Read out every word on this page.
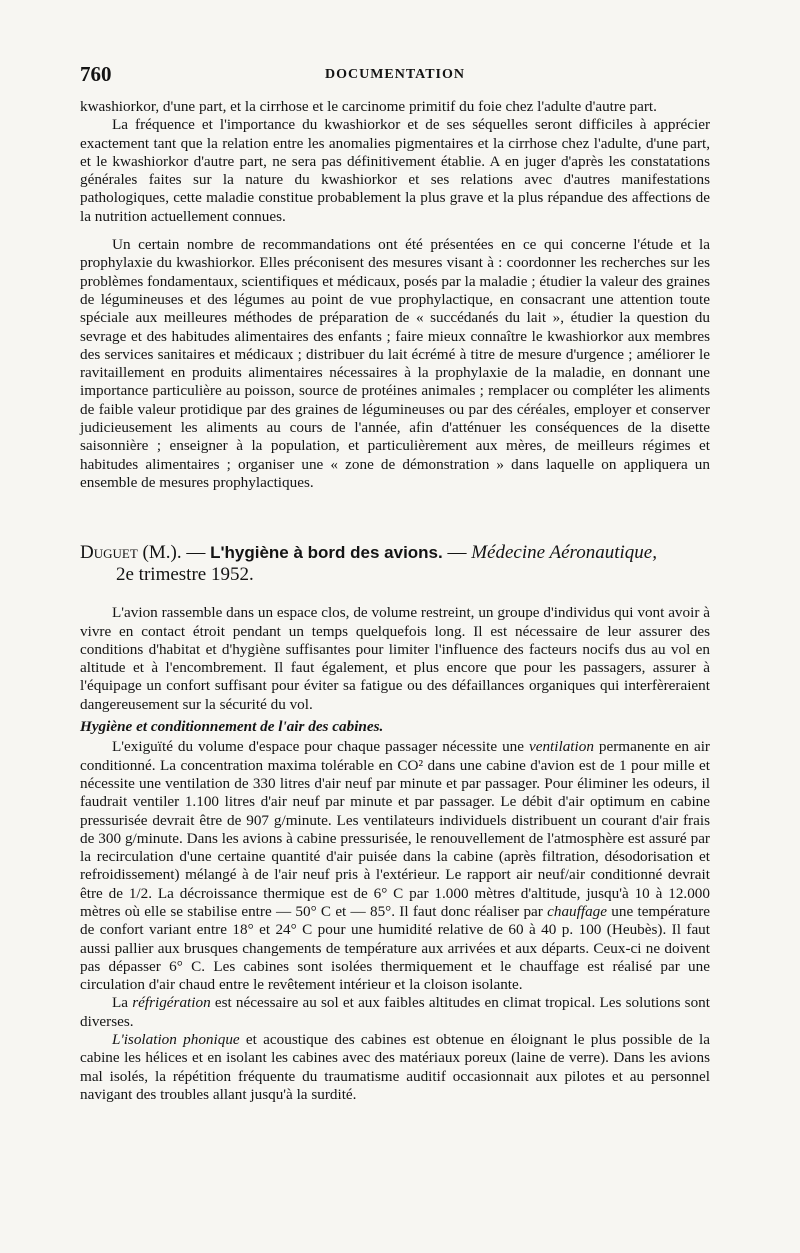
760	DOCUMENTATION

kwashiorkor, d'une part, et la cirrhose et le carcinome primitif du foie chez l'adulte d'autre part.

La fréquence et l'importance du kwashiorkor et de ses séquelles seront difficiles à apprécier exactement tant que la relation entre les anomalies pigmentaires et la cirrhose chez l'adulte, d'une part, et le kwashiorkor d'autre part, ne sera pas définitivement établie. A en juger d'après les constatations générales faites sur la nature du kwashiorkor et ses relations avec d'autres manifestations pathologiques, cette maladie constitue probablement la plus grave et la plus répandue des affections de la nutrition actuellement connues.

Un certain nombre de recommandations ont été présentées en ce qui concerne l'étude et la prophylaxie du kwashiorkor. Elles préconisent des mesures visant à : coordonner les recherches sur les problèmes fondamentaux, scientifiques et médicaux, posés par la maladie ; étudier la valeur des graines de légumineuses et des légumes au point de vue prophylactique, en consacrant une attention toute spéciale aux meilleures méthodes de préparation de « succédanés du lait », étudier la question du sevrage et des habitudes alimentaires des enfants ; faire mieux connaître le kwashiorkor aux membres des services sanitaires et médicaux ; distribuer du lait écrémé à titre de mesure d'urgence ; améliorer le ravitaillement en produits alimentaires nécessaires à la prophylaxie de la maladie, en donnant une importance particulière au poisson, source de protéines animales ; remplacer ou compléter les aliments de faible valeur protidique par des graines de légumineuses ou par des céréales, employer et conserver judicieusement les aliments au cours de l'année, afin d'atténuer les conséquences de la disette saisonnière ; enseigner à la population, et particulièrement aux mères, de meilleurs régimes et habitudes alimentaires ; organiser une « zone de démonstration » dans laquelle on appliquera un ensemble de mesures prophylactiques.

Duguet (M.). — L'hygiène à bord des avions. — Médecine Aéronautique,
2e trimestre 1952.

L'avion rassemble dans un espace clos, de volume restreint, un groupe d'individus qui vont avoir à vivre en contact étroit pendant un temps quelquefois long. Il est nécessaire de leur assurer des conditions d'habitat et d'hygiène suffisantes pour limiter l'influence des facteurs nocifs dus au vol en altitude et à l'encombrement. Il faut également, et plus encore que pour les passagers, assurer à l'équipage un confort suffisant pour éviter sa fatigue ou des défaillances organiques qui interfèreraient dangereusement sur la sécurité du vol.

Hygiène et conditionnement de l'air des cabines.

L'exiguïté du volume d'espace pour chaque passager nécessite une ventilation permanente en air conditionné. La concentration maxima tolérable en CO² dans une cabine d'avion est de 1 pour mille et nécessite une ventilation de 330 litres d'air neuf par minute et par passager. Pour éliminer les odeurs, il faudrait ventiler 1.100 litres d'air neuf par minute et par passager. Le débit d'air optimum en cabine pressurisée devrait être de 907 g/minute. Les ventilateurs individuels distribuent un courant d'air frais de 300 g/minute. Dans les avions à cabine pressurisée, le renouvellement de l'atmosphère est assuré par la recirculation d'une certaine quantité d'air puisée dans la cabine (après filtration, désodorisation et refroidissement) mélangé à de l'air neuf pris à l'extérieur. Le rapport air neuf/air conditionné devrait être de 1/2. La décroissance thermique est de 6° C par 1.000 mètres d'altitude, jusqu'à 10 à 12.000 mètres où elle se stabilise entre — 50° C et — 85°. Il faut donc réaliser par chauffage une température de confort variant entre 18° et 24° C pour une humidité relative de 60 à 40 p. 100 (Heubès). Il faut aussi pallier aux brusques changements de température aux arrivées et aux départs. Ceux-ci ne doivent pas dépasser 6° C. Les cabines sont isolées thermiquement et le chauffage est réalisé par une circulation d'air chaud entre le revêtement intérieur et la cloison isolante.

La réfrigération est nécessaire au sol et aux faibles altitudes en climat tropical. Les solutions sont diverses.

L'isolation phonique et acoustique des cabines est obtenue en éloignant le plus possible de la cabine les hélices et en isolant les cabines avec des matériaux poreux (laine de verre). Dans les avions mal isolés, la répétition fréquente du traumatisme auditif occasionnait aux pilotes et au personnel navigant des troubles allant jusqu'à la surdité.
